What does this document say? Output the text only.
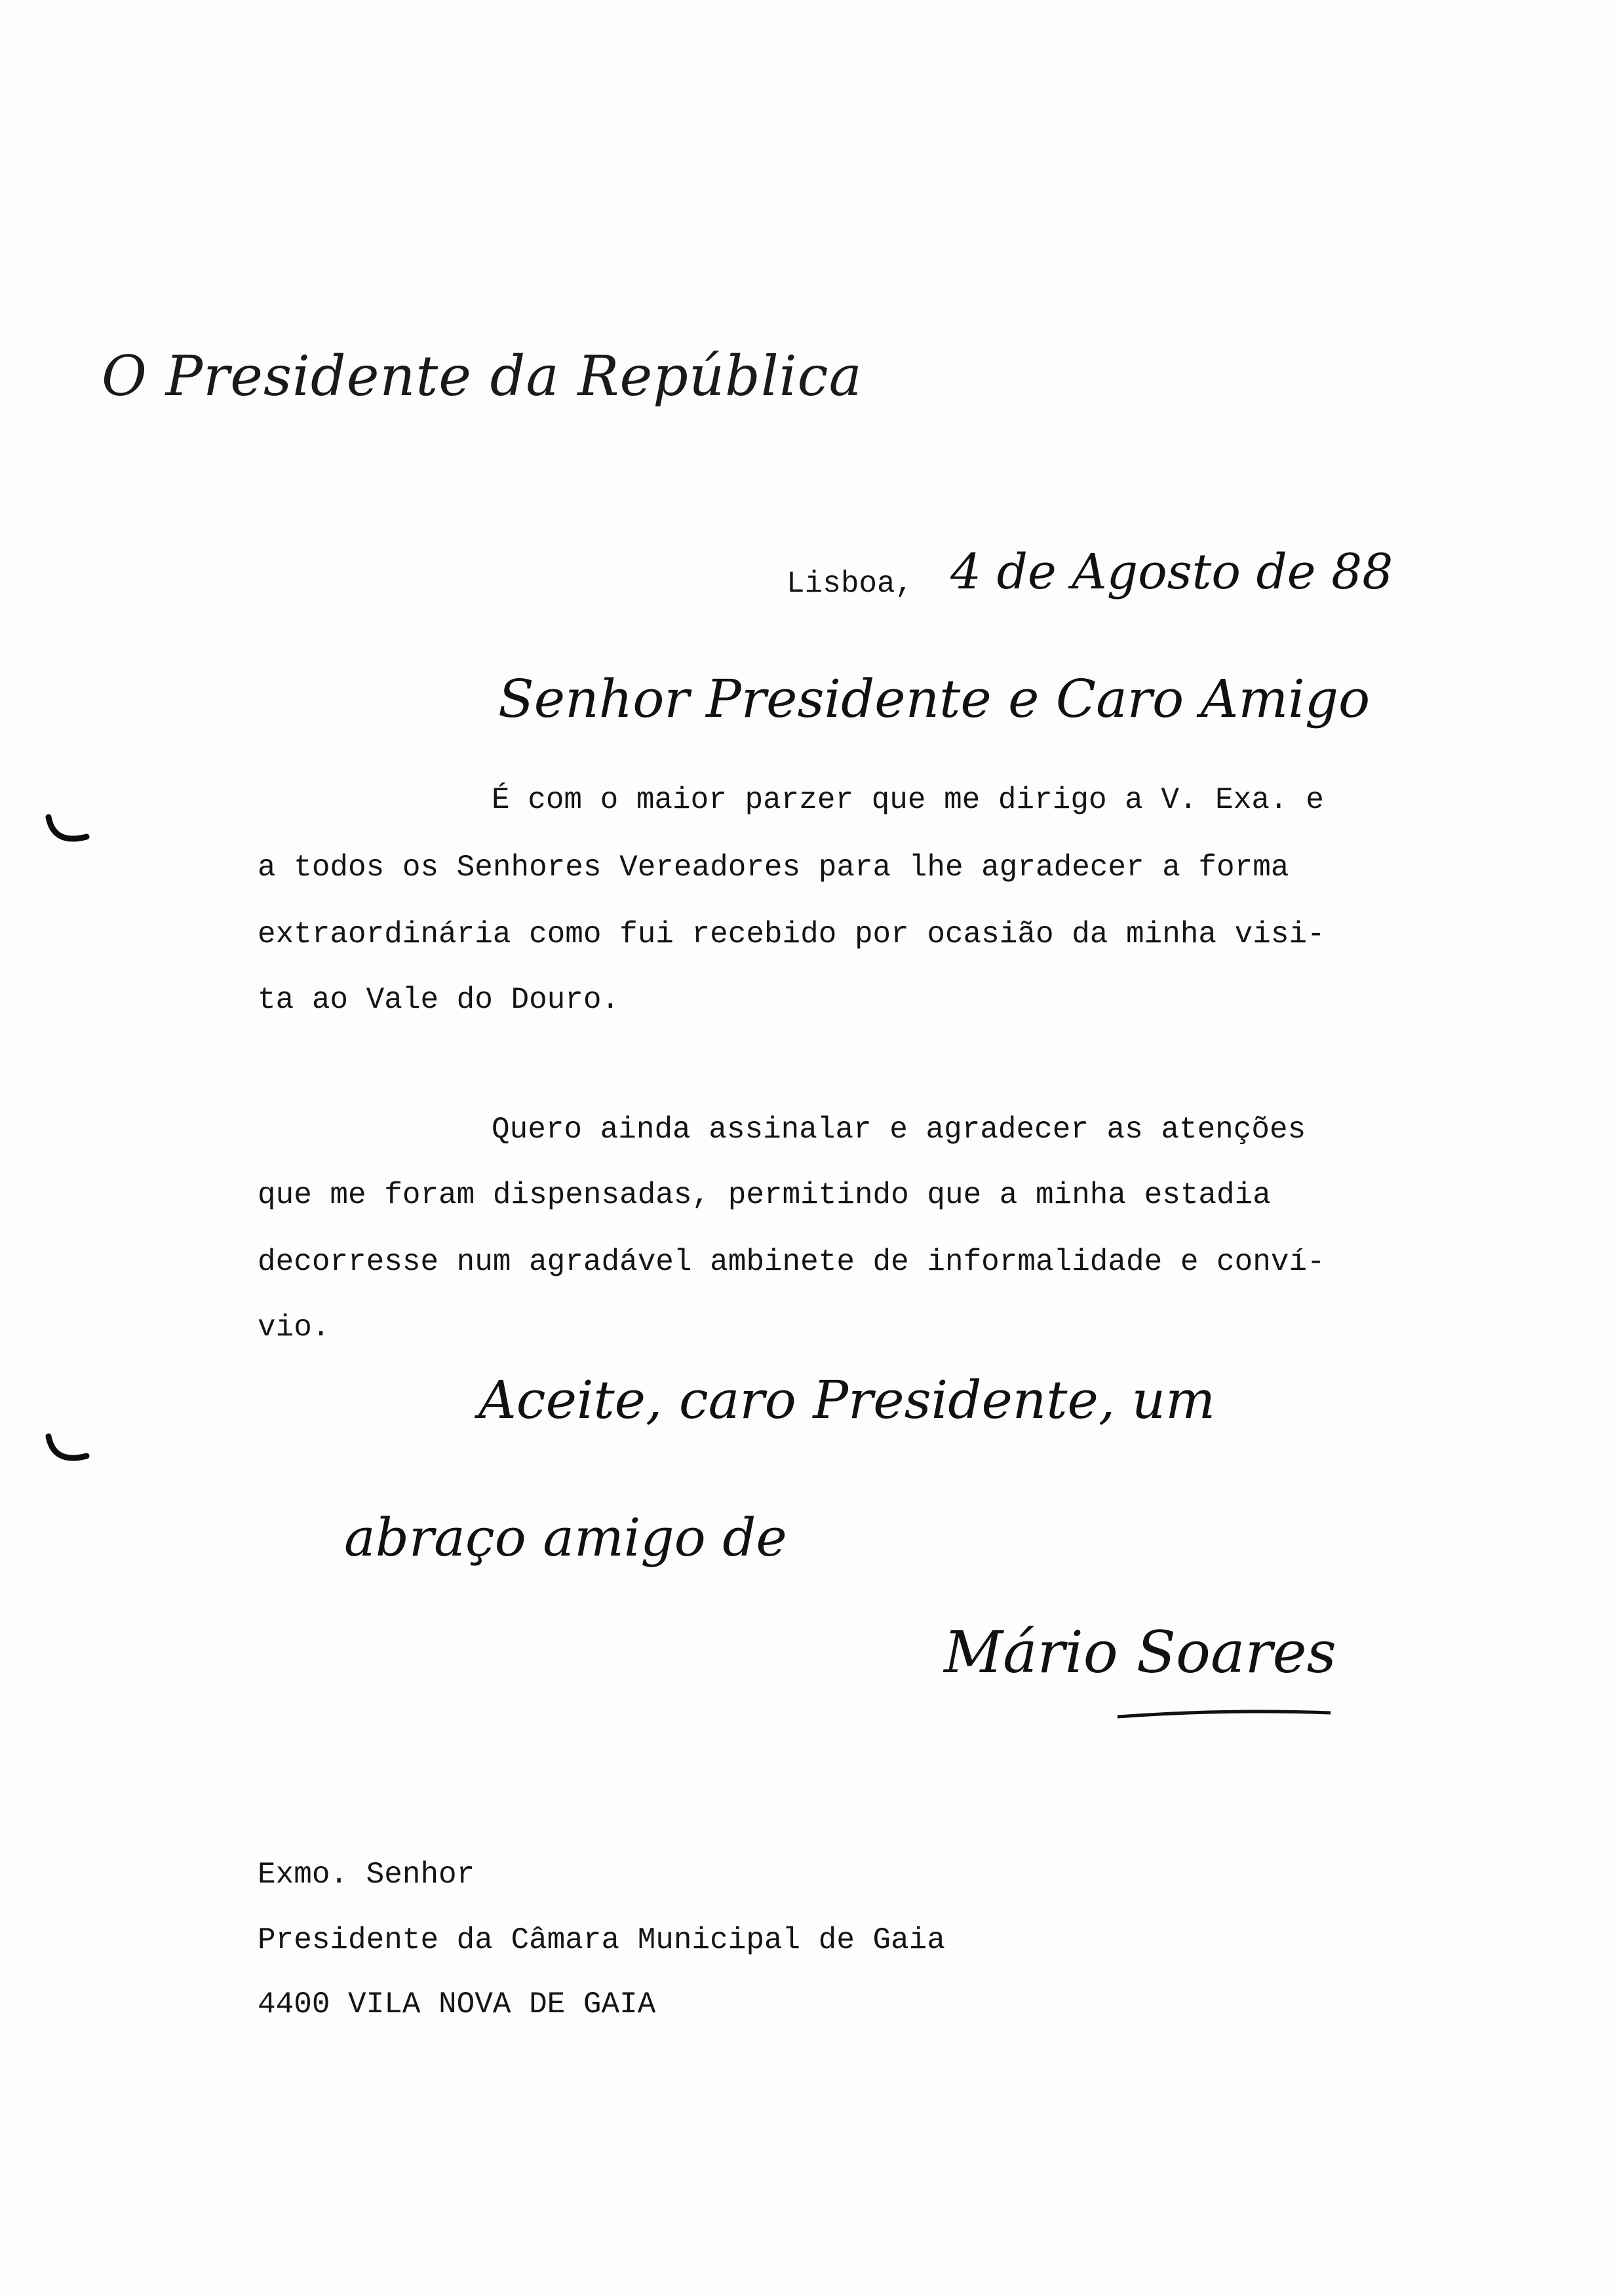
O Presidente da República
Lisboa, 4 de Agosto de 88
Senhor Presidente e Caro Amigo
É com o maior parzer que me dirigo a V. Exa. e
a todos os Senhores Vereadores para lhe agradecer a forma
extraordinária como fui recebido por ocasião da minha visi-
ta ao Vale do Douro.
Quero ainda assinalar e agradecer as atenções
que me foram dispensadas, permitindo que a minha estadia
decorresse num agradável ambinete de informalidade e conví-
vio.
Aceite, caro Presidente, um
abraço amigo de
Mário Soares
Exmo. Senhor
Presidente da Câmara Municipal de Gaia
4400 VILA NOVA DE GAIA
